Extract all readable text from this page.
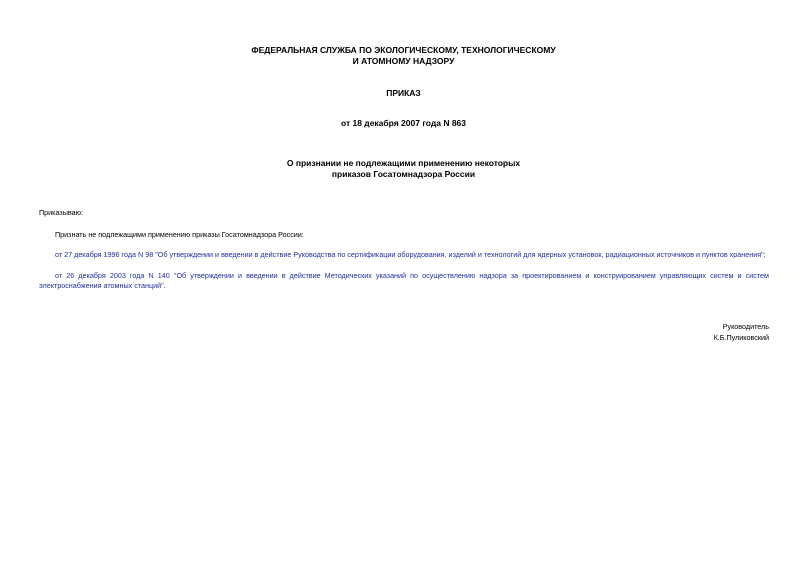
ФЕДЕРАЛЬНАЯ СЛУЖБА ПО ЭКОЛОГИЧЕСКОМУ, ТЕХНОЛОГИЧЕСКОМУ
И АТОМНОМУ НАДЗОРУ
ПРИКАЗ
от 18 декабря 2007 года N 863
О признании не подлежащими применению некоторых
приказов Госатомнадзора России
Приказываю:
Признать не подлежащими применению приказы Госатомнадзора России:
от 27 декабря 1996 года N 98 "Об утверждении и введении в действие Руководства по сертификации оборудования, изделий и технологий для ядерных установок, радиационных источников и пунктов хранения";
от 26 декабря 2003 года N 140 "Об утверждении и введении в действие Методических указаний по осуществлению надзора за проектированием и конструированием управляющих систем и систем электроснабжения атомных станций".
Руководитель
К.Б.Пуликовский
